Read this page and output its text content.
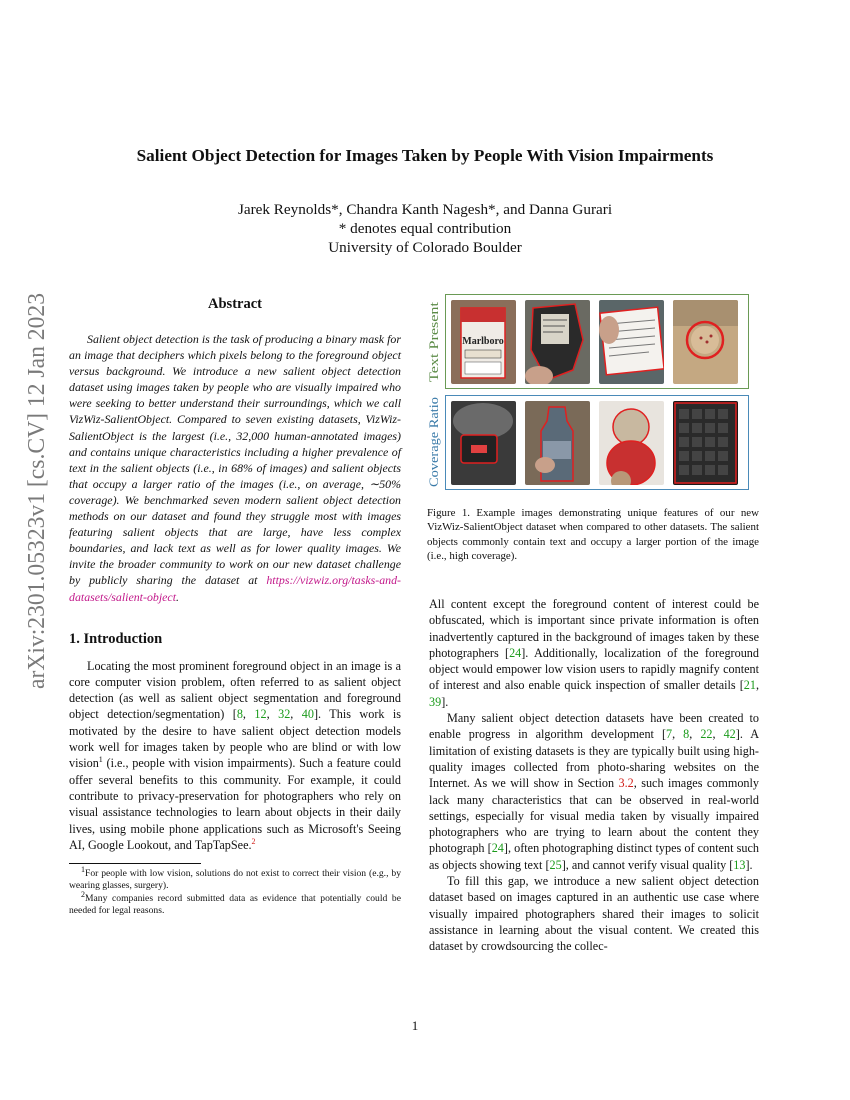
arXiv:2301.05323v1 [cs.CV] 12 Jan 2023
Salient Object Detection for Images Taken by People With Vision Impairments
Jarek Reynolds*, Chandra Kanth Nagesh*, and Danna Gurari
* denotes equal contribution
University of Colorado Boulder
Abstract

Salient object detection is the task of producing a binary mask for an image that deciphers which pixels belong to the foreground object versus background. We introduce a new salient object detection dataset using images taken by people who are visually impaired who were seeking to better understand their surroundings, which we call VizWiz-SalientObject. Compared to seven existing datasets, VizWiz-SalientObject is the largest (i.e., 32,000 human-annotated images) and contains unique characteristics including a higher prevalence of text in the salient objects (i.e., in 68% of images) and salient objects that occupy a larger ratio of the images (i.e., on average, ∼50% coverage). We benchmarked seven modern salient object detection methods on our dataset and found they struggle most with images featuring salient objects that are large, have less complex boundaries, and lack text as well as for lower quality images. We invite the broader community to work on our new dataset challenge by publicly sharing the dataset at https://vizwiz.org/tasks-and-datasets/salient-object.

1. Introduction

Locating the most prominent foreground object in an image is a core computer vision problem, often referred to as salient object detection (as well as salient object segmentation and foreground object detection/segmentation) [8, 12, 32, 40]. This work is motivated by the desire to have salient object detection models work well for images taken by people who are blind or with low vision$^1$ (i.e., people with vision impairments). Such a feature could offer several benefits to this community. For example, it could contribute to privacy-preservation for photographers who rely on visual assistance technologies to learn about objects in their daily lives, using mobile phone applications such as Microsoft's Seeing AI, Google Lookout, and TapTapSee.$^2$

$^1$For people with low vision, solutions do not exist to correct their vision (e.g., by wearing glasses, surgery).

$^2$Many companies record submitted data as evidence that potentially could be needed for legal reasons.

Text Present Marlboro
Coverage Ratio

Figure 1. Example images demonstrating unique features of our new VizWiz-SalientObject dataset when compared to other datasets. The salient objects commonly contain text and occupy a larger portion of the image (i.e., high coverage).

All content except the foreground content of interest could be obfuscated, which is important since private information is often inadvertently captured in the background of images taken by these photographers [24]. Additionally, localization of the foreground object would empower low vision users to rapidly magnify content of interest and also enable quick inspection of smaller details [21, 39].

Many salient object detection datasets have been created to enable progress in algorithm development [7, 8, 22, 42]. A limitation of existing datasets is they are typically built using high-quality images collected from photo-sharing websites on the Internet. As we will show in Section 3.2, such images commonly lack many characteristics that can be observed in real-world settings, especially for visual media taken by visually impaired photographers who are trying to learn about the content they photograph [24], often photographing distinct types of content such as objects showing text [25], and cannot verify visual quality [13].

To fill this gap, we introduce a new salient object detection dataset based on images captured in an authentic use case where visually impaired photographers shared their images to solicit assistance in learning about the visual content. We created this dataset by crowdsourcing the collec-

1
